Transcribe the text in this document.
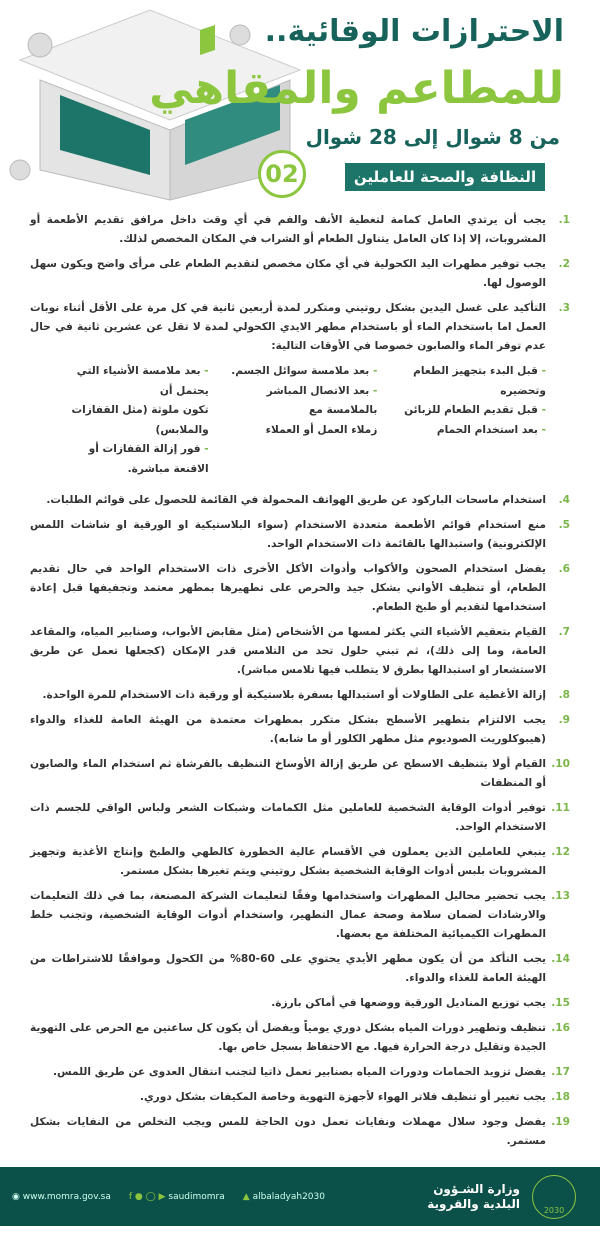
الاحترازات الوقائية..
للمطاعم والمقاهي
من 8 شوال إلى 28 شوال
02	النظافة والصحة للعاملين
1.
يجب أن يرتدي العامل كمامة لتغطية الأنف والفم في أي وقت داخل مرافق تقديم الأطعمة أو المشروبات، إلا إذا كان العامل يتناول الطعام أو الشراب في المكان المخصص لذلك.
2.
يجب توفير مطهرات اليد الكحولية في أي مكان مخصص لتقديم الطعام على مرأى واضح ويكون سهل الوصول لها.
3.
التأكيد على غسل اليدين بشكل روتيني ومتكرر لمدة أربعين ثانية في كل مرة على الأقل أثناء نوبات العمل اما باستخدام الماء أو باستخدام مطهر الايدي الكحولي لمدة لا تقل عن عشرين ثانية في حال عدم توفر الماء والصابون خصوصا في الأوقات التالية:
- قبل البدء بتجهيز الطعام وتحضيره
- قبل تقديم الطعام للزبائن
- بعد استخدام الحمام
- بعد ملامسة سوائل الجسم.
- بعد الاتصال المباشر بالملامسة مع
زملاء العمل أو العملاء
- بعد ملامسة الأشياء التي يحتمل أن
تكون ملوثة (مثل القفازات والملابس)
- فور إزالة القفازات أو الاقنعة مباشرة.
4.
استخدام ماسحات الباركود عن طريق الهواتف المحمولة في القائمة للحصول على قوائم الطلبات.
5.
منع استخدام قوائم الأطعمة متعددة الاستخدام (سواء البلاستيكية او الورقية او شاشات اللمس الإلكترونية) واستبدالها بالقائمة ذات الاستخدام الواحد.
6.
يفضل استخدام الصحون والأكواب وأدوات الأكل الأخرى ذات الاستخدام الواحد في حال تقديم الطعام، أو تنظيف الأواني بشكل جيد والحرص على تطهيرها بمطهر معتمد وتجفيفها قبل إعادة استخدامها لتقديم أو طبخ الطعام.
7.
القيام بتعقيم الأشياء التي يكثر لمسها من الأشخاص (مثل مقابض الأبواب، وصنابير المياه، والمقاعد العامة، وما إلى ذلك)، ثم تبني حلول تحد من التلامس قدر الإمكان (كجعلها تعمل عن طريق الاستشعار او استبدالها بطرق لا يتطلب فيها تلامس مباشر).
8.
إزالة الأغطية على الطاولات أو استبدالها بسفرة بلاستيكية أو ورقية ذات الاستخدام للمرة الواحدة.
9.
يجب الالتزام بتطهير الأسطح بشكل متكرر بمطهرات معتمدة من الهيئة العامة للغذاء والدواء (هيبوكلوريت الصوديوم مثل مطهر الكلور أو ما شابه).
10.
القيام أولا بتنظيف الاسطح عن طريق إزالة الأوساخ التنظيف بالفرشاة ثم استخدام الماء والصابون أو المنظفات
11.
توفير أدوات الوقاية الشخصية للعاملين مثل الكمامات وشبكات الشعر ولباس الواقي للجسم ذات الاستخدام الواحد.
12.
ينبغي للعاملين الذين يعملون في الأقسام عالية الخطورة كالطهي والطبخ وإنتاج الأغذية وتجهيز المشروبات بلبس أدوات الوقاية الشخصية بشكل روتيني ويتم تغيرها بشكل مستمر.
13.
يجب تحضير محاليل المطهرات واستخدامها وفقًا لتعليمات الشركة المصنعة، بما في ذلك التعليمات والارشادات لضمان سلامة وصحة عمال التطهير، واستخدام أدوات الوقاية الشخصية، وتجنب خلط المطهرات الكيميائية المختلفة مع بعضها.
14.
يجب التأكد من أن يكون مطهر الأيدي يحتوي على 60-80% من الكحول وموافقًا للاشتراطات من الهيئة العامة للغذاء والدواء.
15.
يجب توزيع المناديل الورقية ووضعها في أماكن بارزة.
16.
تنظيف وتطهير دورات المياه بشكل دوري يومياً ويفضل أن يكون كل ساعتين مع الحرص على التهوية الجيدة وتقليل درجة الحرارة فيها. مع الاحتفاظ بسجل خاص بها.
17.
يفضل تزويد الحمامات ودورات المياه بصنابير تعمل ذاتيا لتجنب انتقال العدوى عن طريق اللمس.
18.
يجب تغيير أو تنظيف فلاتر الهواء لأجهزة التهوية وخاصة المكيفات بشكل دوري.
19.
يفضل وجود سلال مهملات ونفايات تعمل دون الحاجة للمس ويجب التخلص من النفايات بشكل مستمر.
◉ www.momra.gov.sa f ● ◯ ▶ saudimomra ▲ albaladyah2030
وزارة الشـؤون
البلدية والقروية	2030
